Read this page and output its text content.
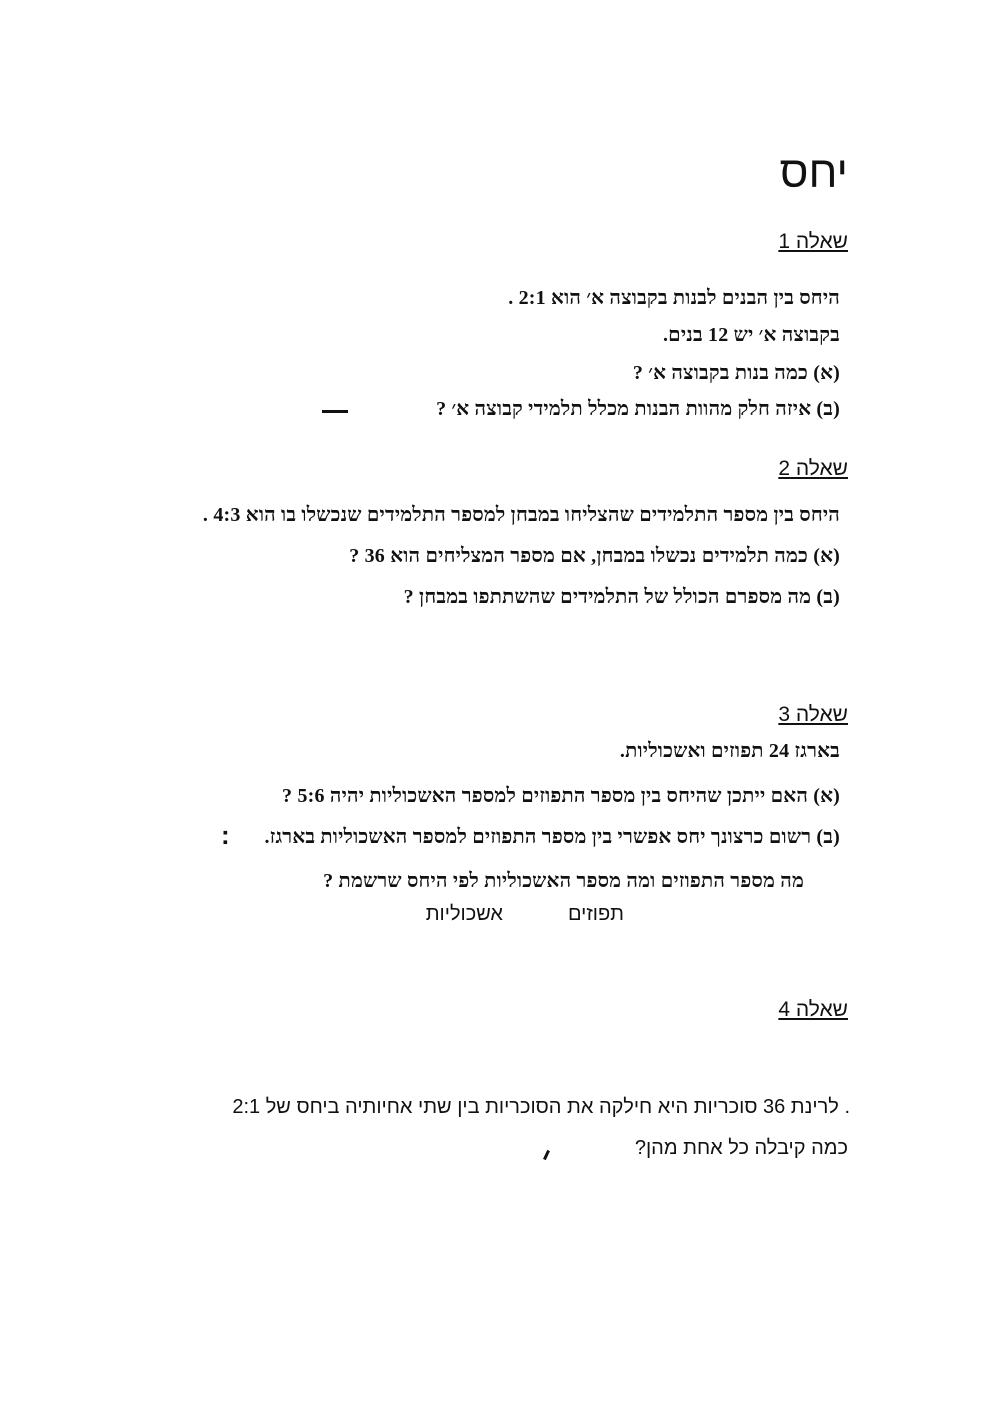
יחס
שאלה 1
היחס בין הבנים לבנות בקבוצה א׳ הוא 2:1 .
בקבוצה א׳ יש 12 בנים.
(א) כמה בנות בקבוצה א׳ ?
(ב) איזה חלק מהוות הבנות מכלל תלמידי קבוצה א׳ ?
שאלה 2
היחס בין מספר התלמידים שהצליחו במבחן למספר התלמידים שנכשלו בו הוא 4:3 .
(א) כמה תלמידים נכשלו במבחן, אם מספר המצליחים הוא 36 ?
(ב) מה מספרם הכולל של התלמידים שהשתתפו במבחן ?
שאלה 3
בארגז 24 תפוזים ואשכוליות.
(א) האם ייתכן שהיחס בין מספר התפוזים למספר האשכוליות יהיה 5:6 ?
(ב) רשום כרצונך יחס אפשרי בין מספר התפוזים למספר האשכוליות בארגז.
:
מה מספר התפוזים ומה מספר האשכוליות לפי היחס שרשמת ?
תפוזים
אשכוליות
שאלה 4
. לרינת 36 סוכריות היא חילקה את הסוכריות בין שתי אחיותיה ביחס של 2:1
כמה קיבלה כל אחת מהן?
